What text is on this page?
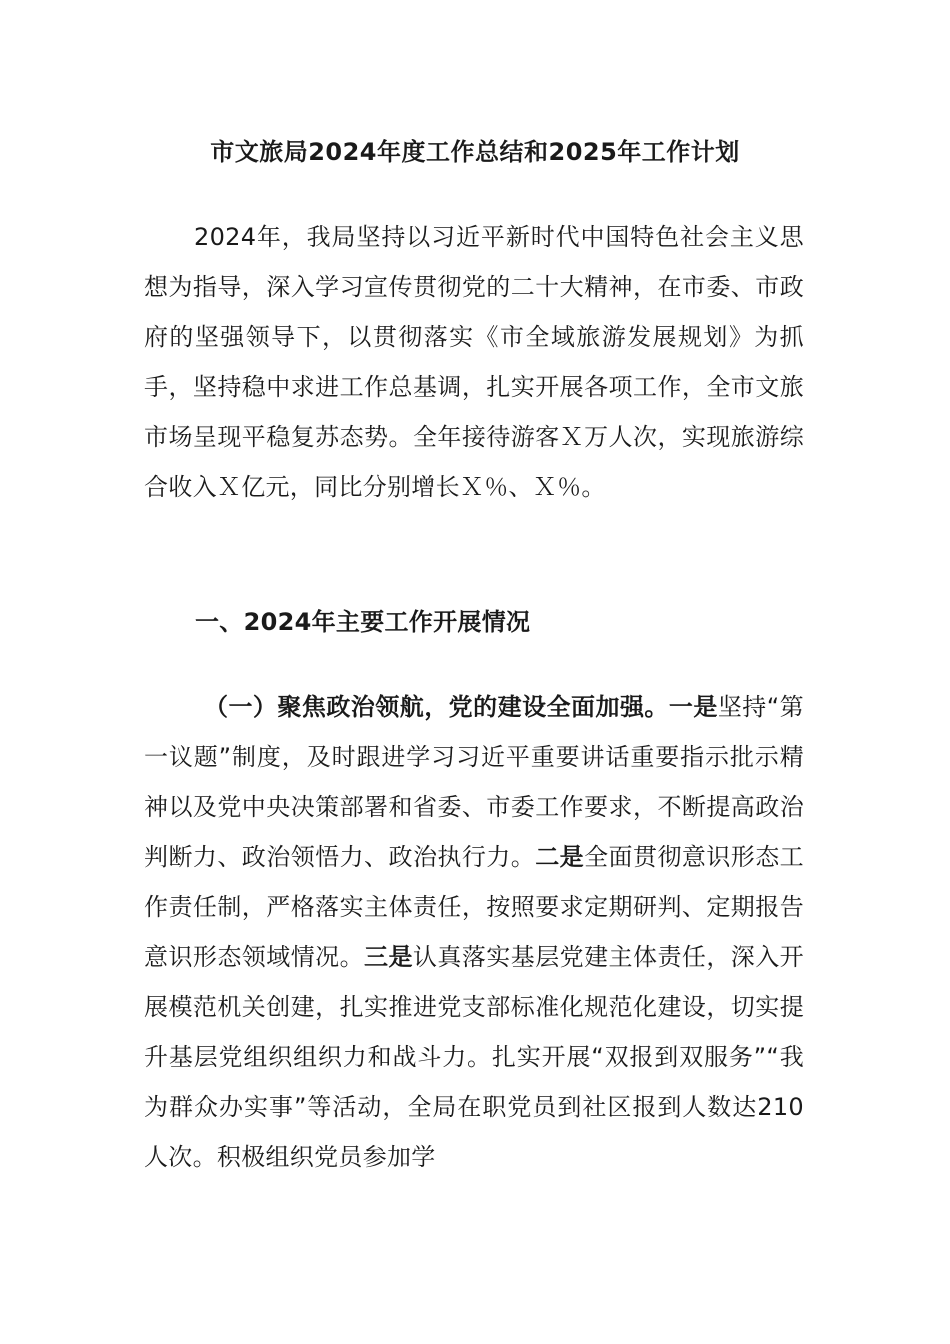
市文旅局2024年度工作总结和2025年工作计划
2024年，我局坚持以习近平新时代中国特色社会主义思想为指导，深入学习宣传贯彻党的二十大精神，在市委、市政府的坚强领导下，以贯彻落实《市全域旅游发展规划》为抓手，坚持稳中求进工作总基调，扎实开展各项工作，全市文旅市场呈现平稳复苏态势。全年接待游客Ｘ万人次，实现旅游综合收入Ｘ亿元，同比分别增长Ｘ％、Ｘ％。
一、2024年主要工作开展情况
（一）聚焦政治领航，党的建设全面加强。一是坚持“第一议题”制度，及时跟进学习习近平重要讲话重要指示批示精神以及党中央决策部署和省委、市委工作要求，不断提高政治判断力、政治领悟力、政治执行力。二是全面贯彻意识形态工作责任制，严格落实主体责任，按照要求定期研判、定期报告意识形态领域情况。三是认真落实基层党建主体责任，深入开展模范机关创建，扎实推进党支部标准化规范化建设，切实提升基层党组织组织力和战斗力。扎实开展“双报到双服务”“我为群众办实事”等活动，全局在职党员到社区报到人数达210人次。积极组织党员参加学
